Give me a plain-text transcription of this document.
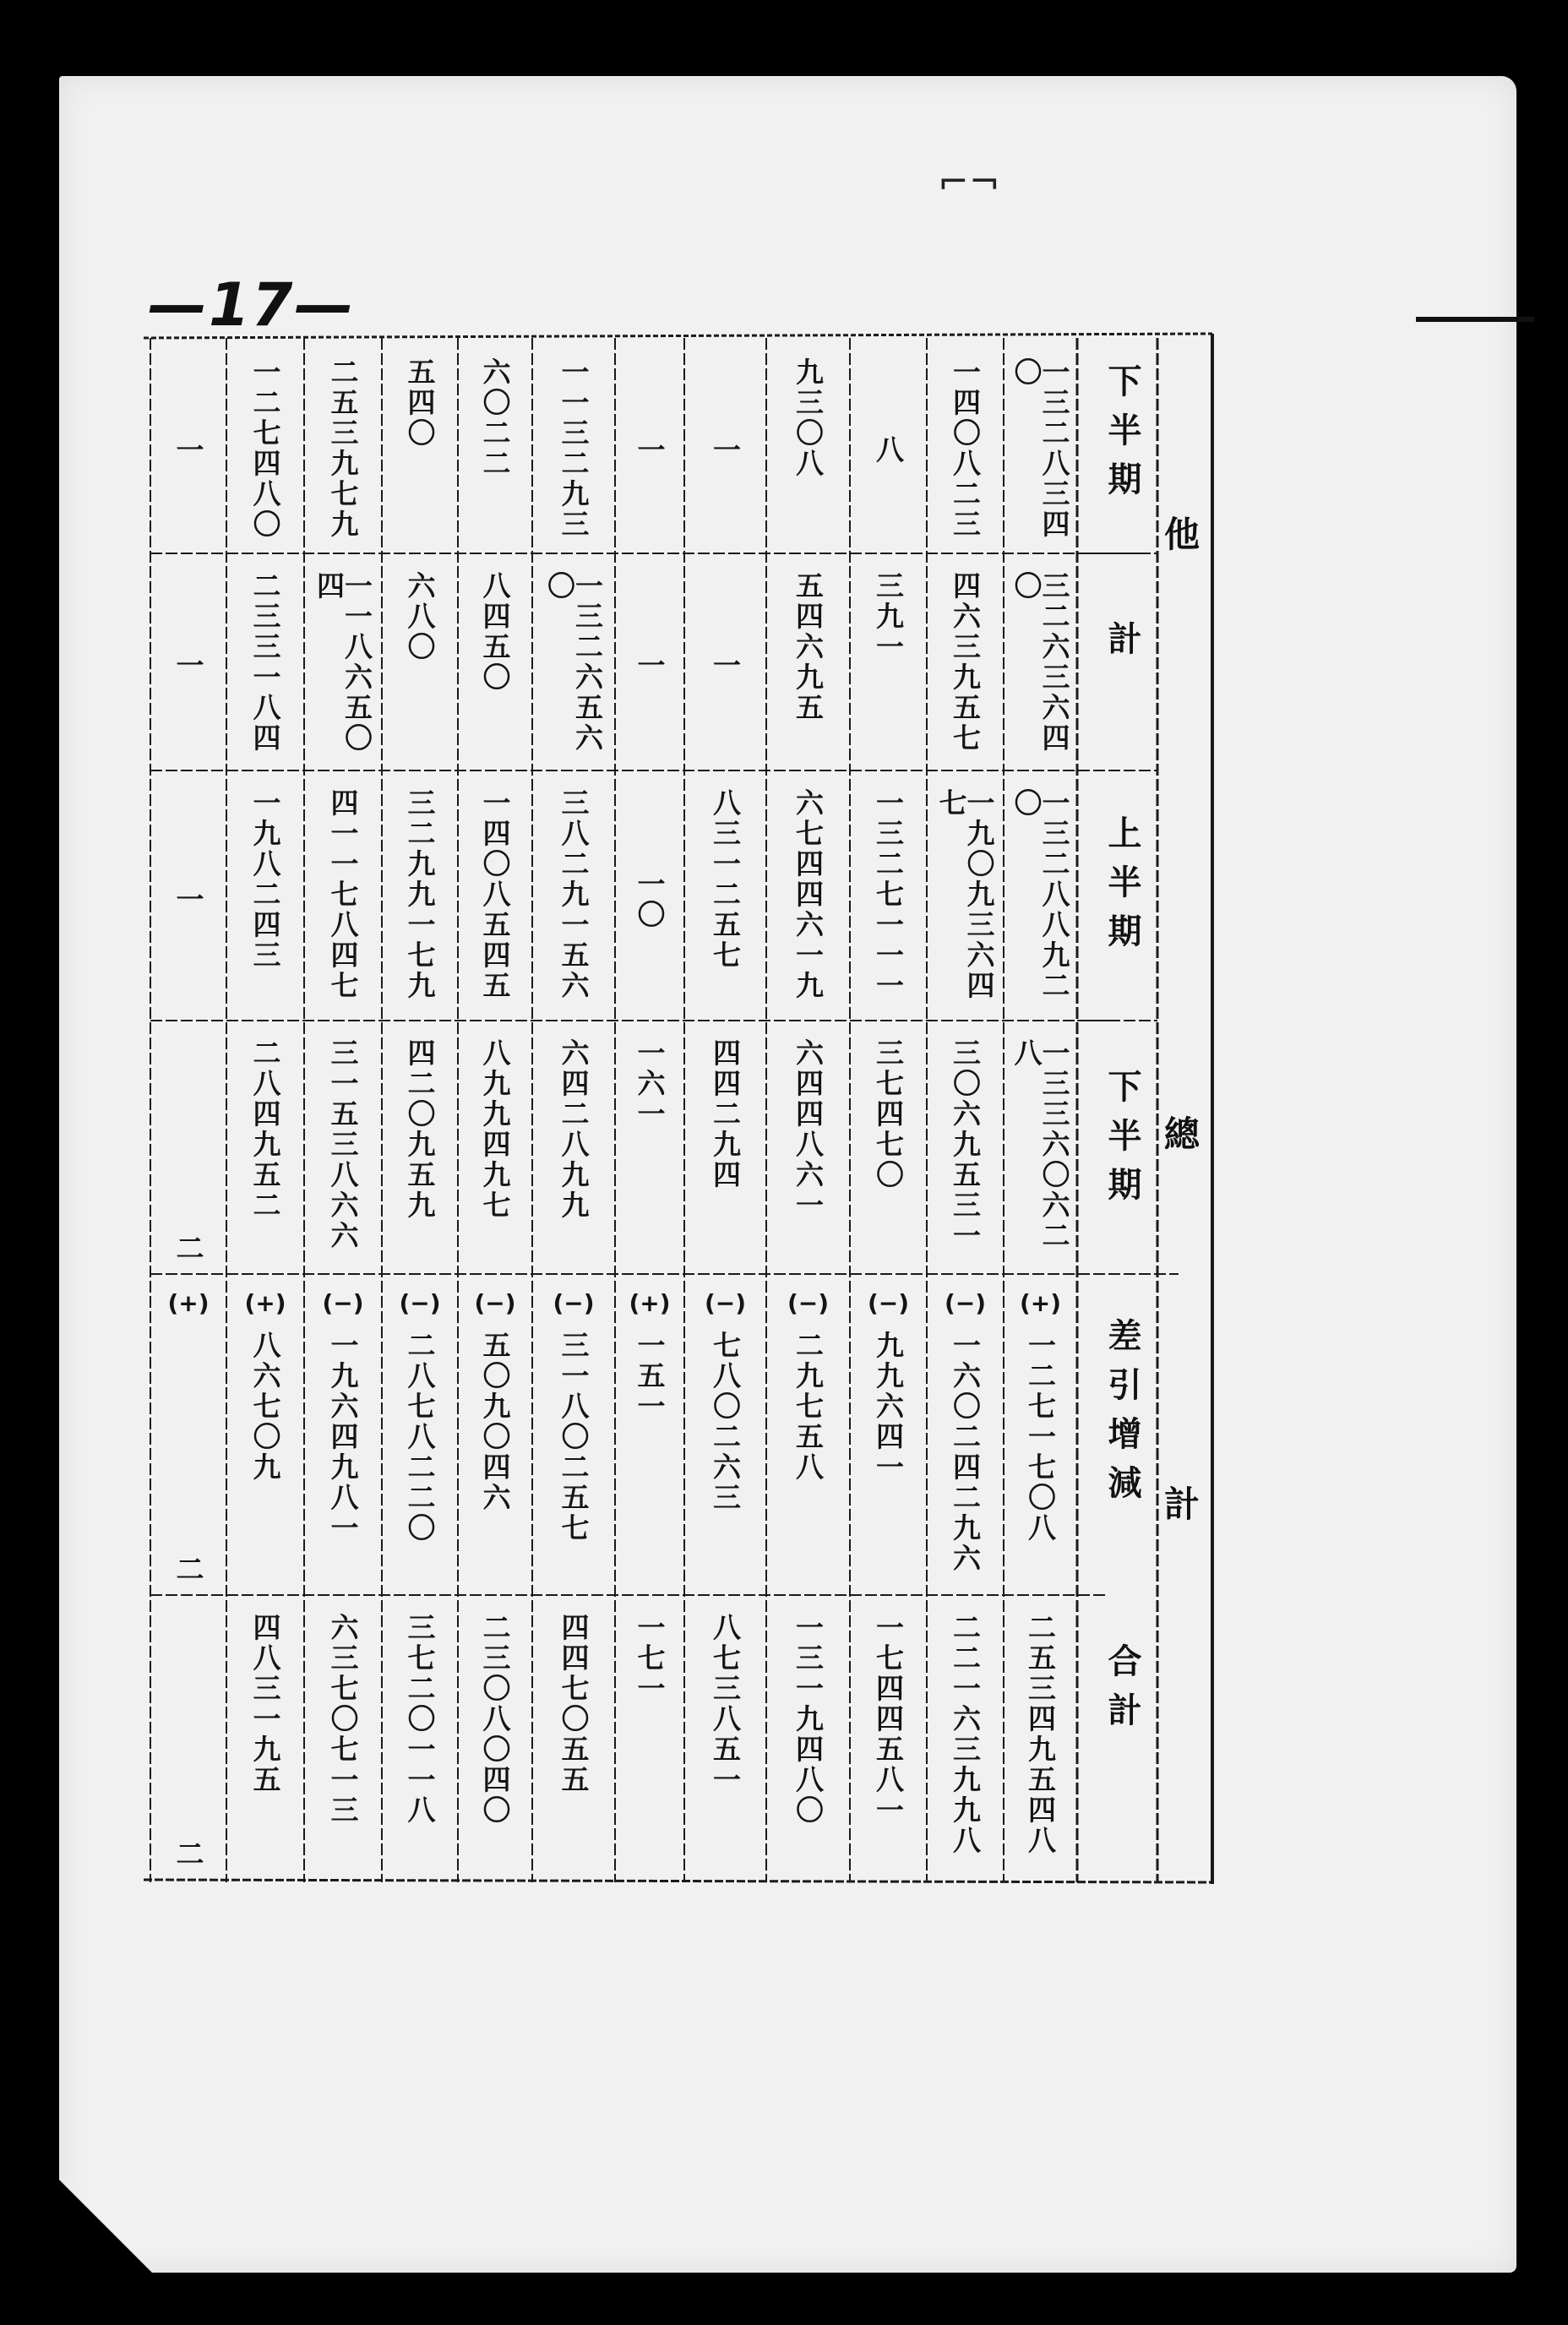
—17—
⌐¬
他
總
計
下半期
計
上半期
下半期
差引增減
合計
一三二八三四〇
三二六三六四〇
一三二八八九二〇
一三三六〇六二八
(+)
一二七一七〇八
二五三四九五四八
一四〇八二三
四六三九五七
一九〇九三六四七
三〇六九五三一
(−)
一六〇二四二九六
二二一六三九九八
八
三九一
一三二七一一一
三七四七〇
(−)
九九六四一
一七四四五八一
九三〇八
五四六九五
六七四四六一九
六四四八六一
(−)
二九七五八
一三一九四八〇
一
一
八三一二五七
四四二九四
(−)
七八〇二六三
八七三八五一
一
一
一〇
一六一
(+)
一五一
一七一
一一三二九三
一三二六五六〇
三八二九一五六
六四二八九九
(−)
三一八〇二五七
四四七〇五五
六〇二二
八四五〇
一四〇八五四五
八九九四九七
(−)
五〇九〇四六
二三〇八〇四〇
五四〇
六八〇
三二九九一七九
四二〇九五九
(−)
二八七八二二〇
三七二〇一一八
二五三九七九
一一八六五〇四
四一一七八四七
三一五三八六六
(−)
一九六四九八一
六三七〇七一三
一二七四八〇
二三三一八四
一九八二四三
二八四九五二
(+)
八六七〇九
四八三一九五
一
一
一
二
(+)
二
二
